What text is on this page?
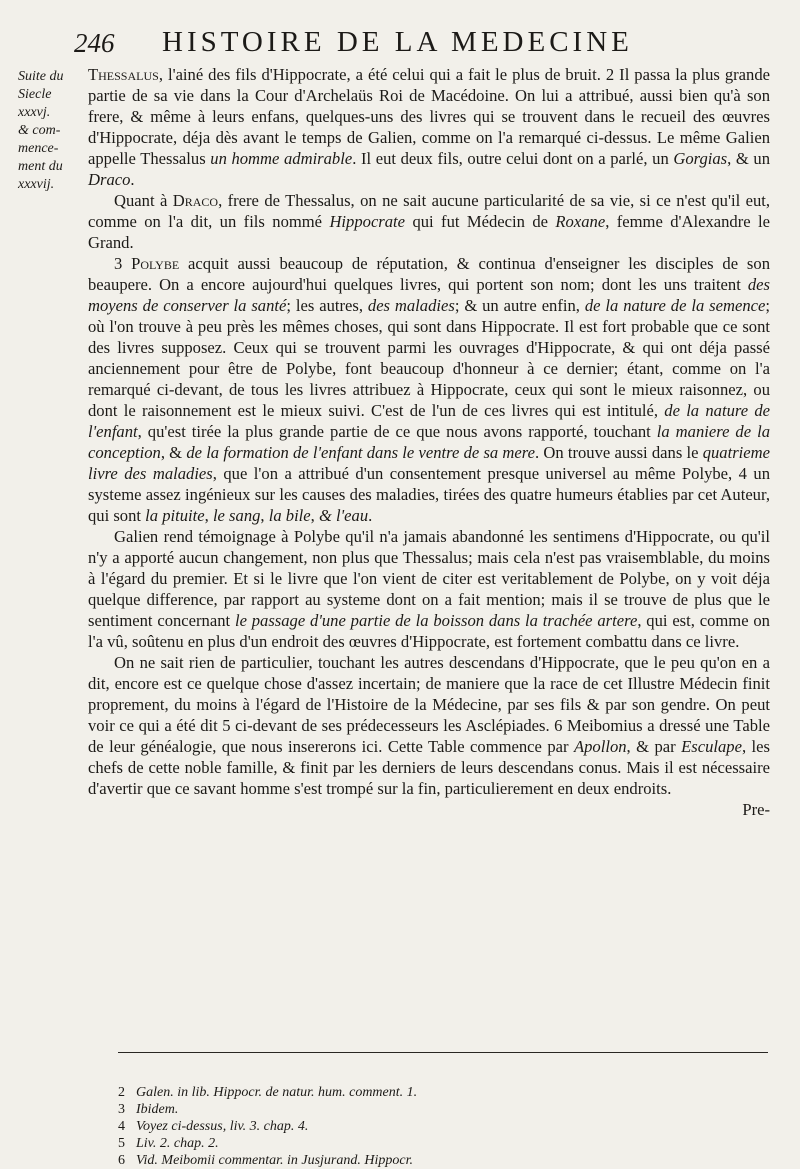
246 HISTOIRE DE LA MEDECINE
Suite du
Siecle
xxxvj.
& com-
mence-
ment du
xxxvij.

Thessalus, l'ainé des fils d'Hippocrate, a été celui qui a fait le plus de bruit. 2 Il passa la plus grande partie de sa vie dans la Cour d'Archelaüs Roi de Macédoine. On lui a attribué, aussi bien qu'à son frere, & même à leurs enfans, quelques-uns des livres qui se trouvent dans le recueil des œuvres d'Hippocrate, déja dès avant le temps de Galien, comme on l'a remarqué ci-dessus. Le même Galien appelle Thessalus un homme admirable. Il eut deux fils, outre celui dont on a parlé, un Gorgias, & un Draco.

Quant à Draco, frere de Thessalus, on ne sait aucune particularité de sa vie, si ce n'est qu'il eut, comme on l'a dit, un fils nommé Hippocrate qui fut Médecin de Roxane, femme d'Alexandre le Grand.

3 Polybe acquit aussi beaucoup de réputation, & continua d'enseigner les disciples de son beaupere. On a encore aujourd'hui quelques livres, qui portent son nom; dont les uns traitent des moyens de conserver la santé; les autres, des maladies; & un autre enfin, de la nature de la semence; où l'on trouve à peu près les mêmes choses, qui sont dans Hippocrate. Il est fort probable que ce sont des livres supposez. Ceux qui se trouvent parmi les ouvrages d'Hippocrate, & qui ont déja passé anciennement pour être de Polybe, font beaucoup d'honneur à ce dernier; étant, comme on l'a remarqué ci-devant, de tous les livres attribuez à Hippocrate, ceux qui sont le mieux raisonnez, ou dont le raisonnement est le mieux suivi. C'est de l'un de ces livres qui est intitulé, de la nature de l'enfant, qu'est tirée la plus grande partie de ce que nous avons rapporté, touchant la maniere de la conception, & de la formation de l'enfant dans le ventre de sa mere. On trouve aussi dans le quatrieme livre des maladies, que l'on a attribué d'un consentement presque universel au même Polybe, 4 un systeme assez ingénieux sur les causes des maladies, tirées des quatre humeurs établies par cet Auteur, qui sont la pituite, le sang, la bile, & l'eau.

Galien rend témoignage à Polybe qu'il n'a jamais abandonné les sentimens d'Hippocrate, ou qu'il n'y a apporté aucun changement, non plus que Thessalus; mais cela n'est pas vraisemblable, du moins à l'égard du premier. Et si le livre que l'on vient de citer est veritablement de Polybe, on y voit déja quelque difference, par rapport au systeme dont on a fait mention; mais il se trouve de plus que le sentiment concernant le passage d'une partie de la boisson dans la trachée artere, qui est, comme on l'a vû, soûtenu en plus d'un endroit des œuvres d'Hippocrate, est fortement combattu dans ce livre.

On ne sait rien de particulier, touchant les autres descendans d'Hippocrate, que le peu qu'on en a dit, encore est ce quelque chose d'assez incertain; de maniere que la race de cet Illustre Médecin finit proprement, du moins à l'égard de l'Histoire de la Médecine, par ses fils & par son gendre. On peut voir ce qui a été dit 5 ci-devant de ses prédecesseurs les Asclépiades. 6 Meibomius a dressé une Table de leur généalogie, que nous insererons ici. Cette Table commence par Apollon, & par Esculape, les chefs de cette noble famille, & finit par les derniers de leurs descendans conus. Mais il est nécessaire d'avertir que ce savant homme s'est trompé sur la fin, particulierement en deux endroits.

Pre-

2 Galen. in lib. Hippocr. de natur. hum. comment. 1.
3 Ibidem.
4 Voyez ci-dessus, liv. 3. chap. 4.
5 Liv. 2. chap. 2.
6 Vid. Meibomii commentar. in Jusjurand. Hippocr.
